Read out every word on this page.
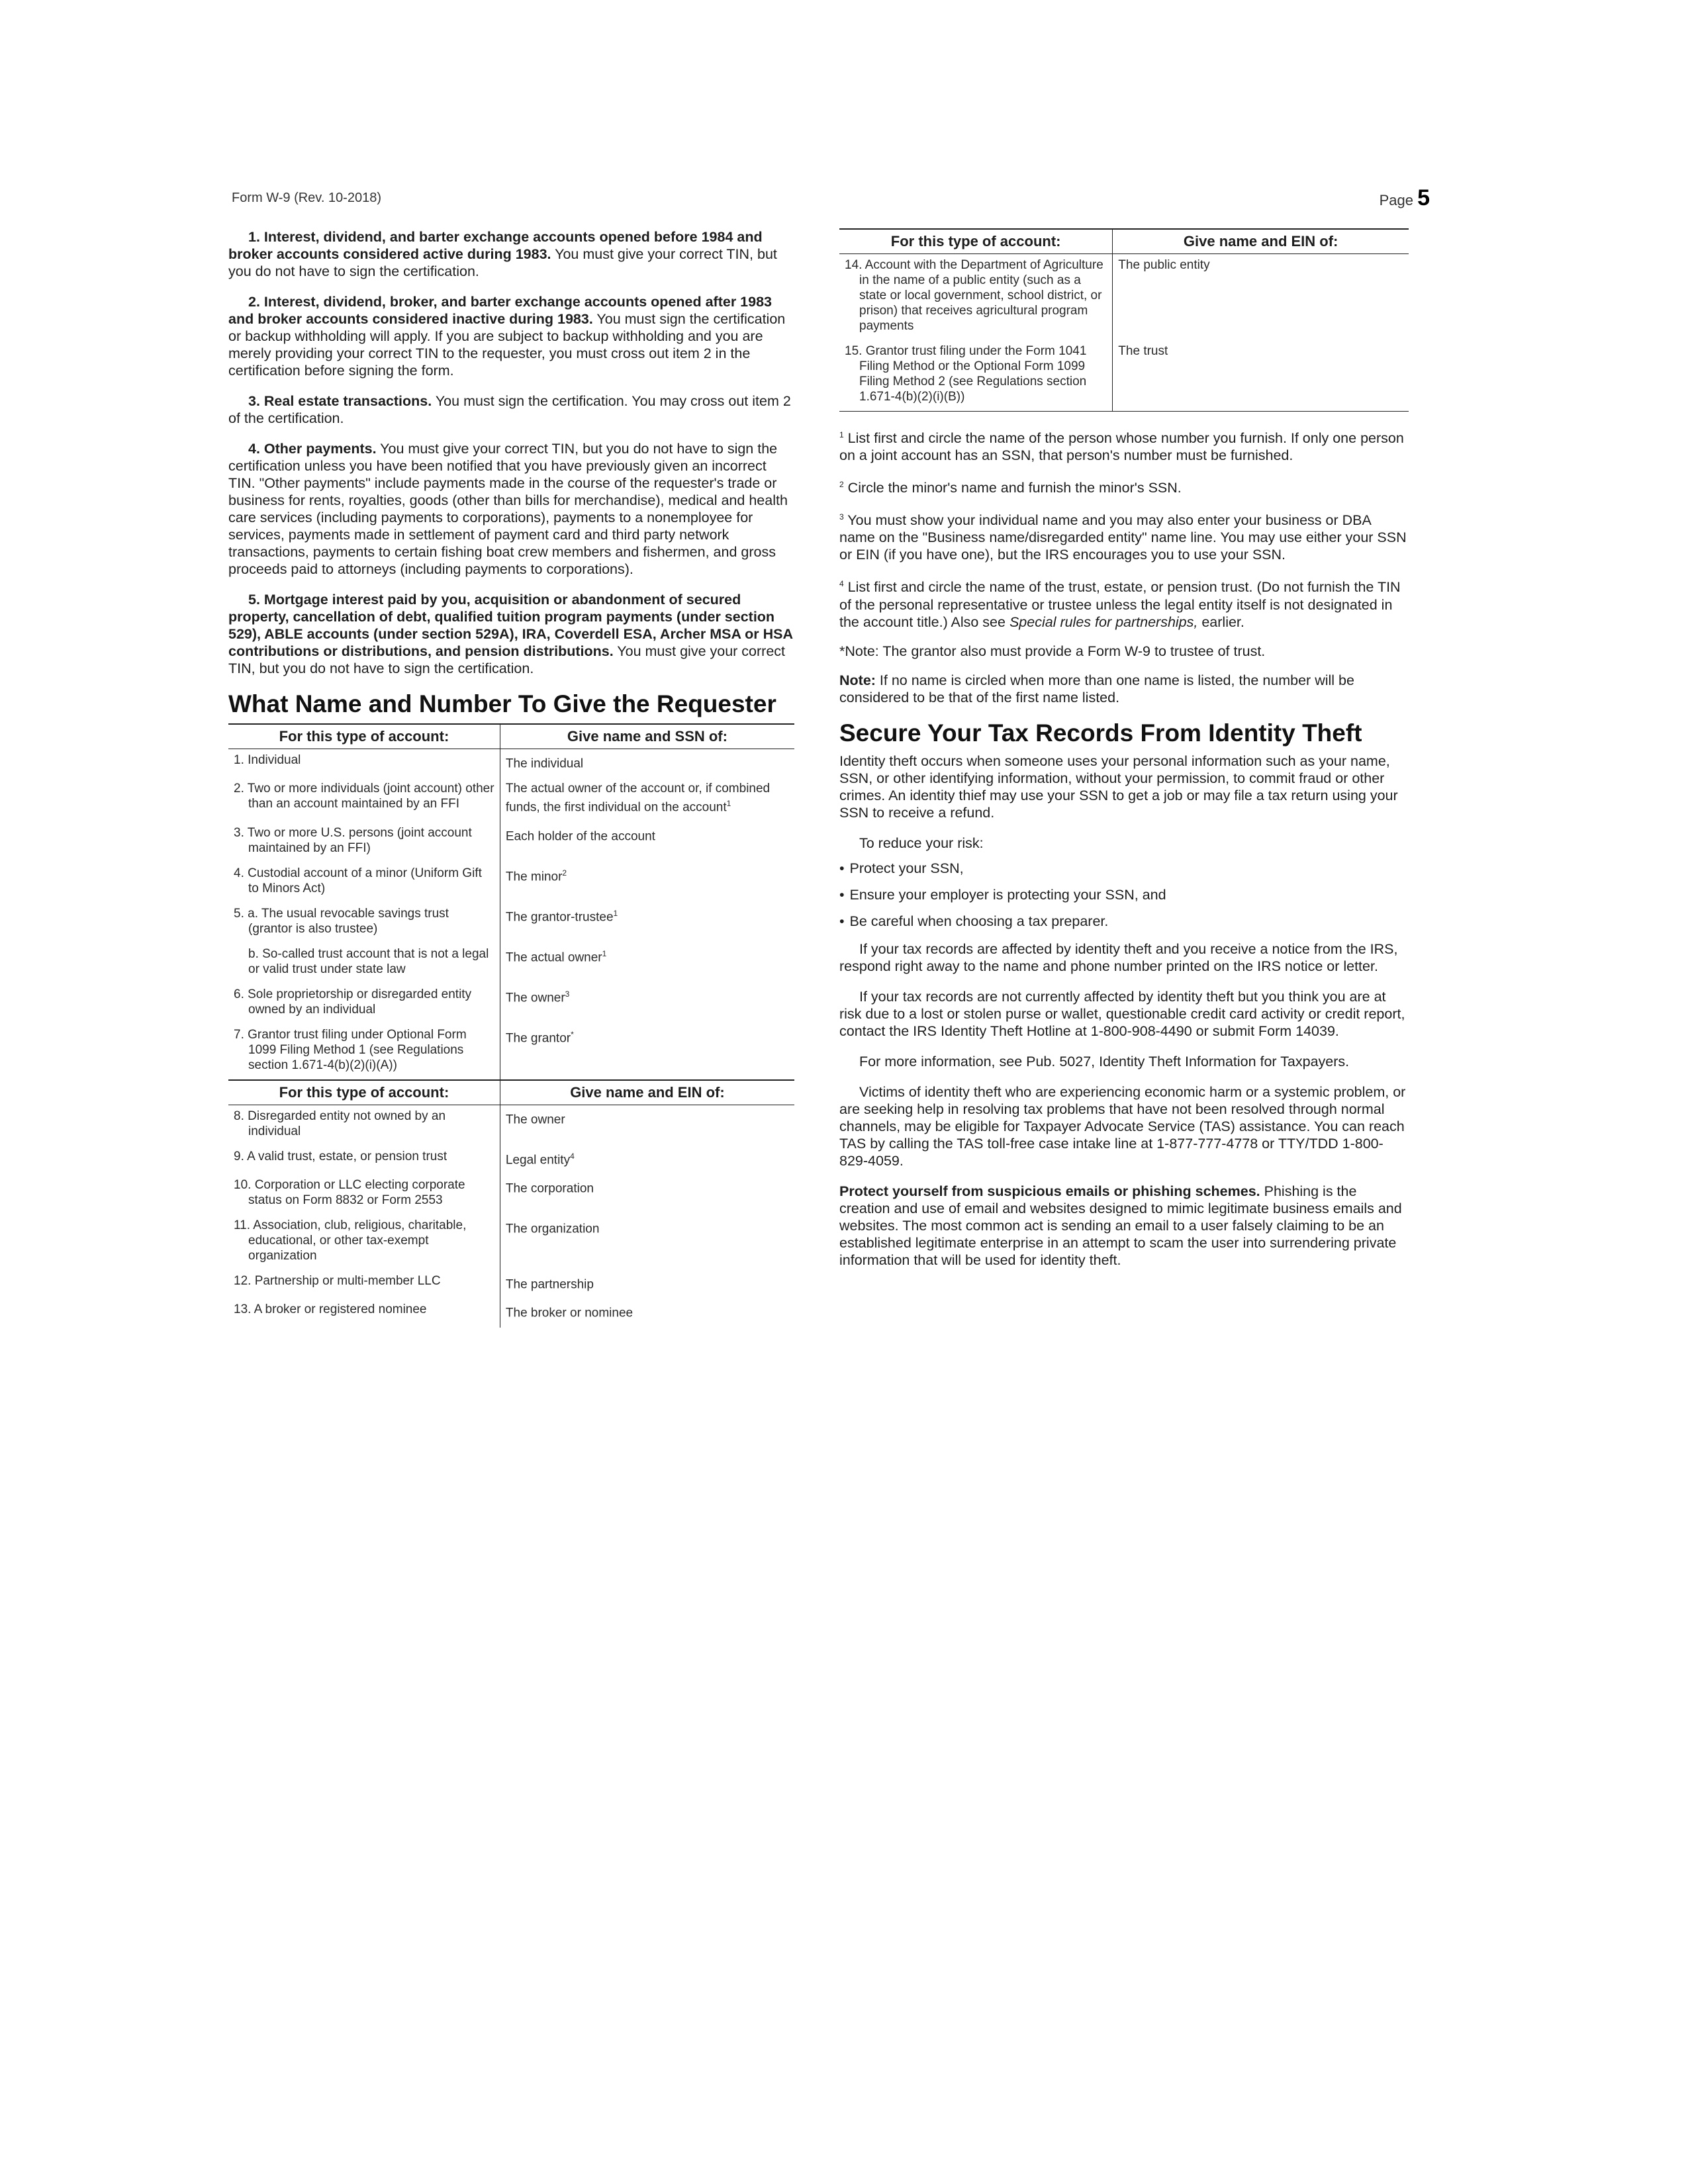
Form W-9 (Rev. 10-2018)	Page 5

1. Interest, dividend, and barter exchange accounts opened before 1984 and broker accounts considered active during 1983. You must give your correct TIN, but you do not have to sign the certification.

2. Interest, dividend, broker, and barter exchange accounts opened after 1983 and broker accounts considered inactive during 1983. You must sign the certification or backup withholding will apply. If you are subject to backup withholding and you are merely providing your correct TIN to the requester, you must cross out item 2 in the certification before signing the form.

3. Real estate transactions. You must sign the certification. You may cross out item 2 of the certification.

4. Other payments. You must give your correct TIN, but you do not have to sign the certification unless you have been notified that you have previously given an incorrect TIN. "Other payments" include payments made in the course of the requester's trade or business for rents, royalties, goods (other than bills for merchandise), medical and health care services (including payments to corporations), payments to a nonemployee for services, payments made in settlement of payment card and third party network transactions, payments to certain fishing boat crew members and fishermen, and gross proceeds paid to attorneys (including payments to corporations).

5. Mortgage interest paid by you, acquisition or abandonment of secured property, cancellation of debt, qualified tuition program payments (under section 529), ABLE accounts (under section 529A), IRA, Coverdell ESA, Archer MSA or HSA contributions or distributions, and pension distributions. You must give your correct TIN, but you do not have to sign the certification.

What Name and Number To Give the Requester
For this type of account:	Give name and SSN of:
1. Individual	The individual
2. Two or more individuals (joint account) other than an account maintained by an FFI	The actual owner of the account or, if combined funds, the first individual on the account$^1$
3. Two or more U.S. persons (joint account maintained by an FFI)	Each holder of the account
4. Custodial account of a minor (Uniform Gift to Minors Act)	The minor$^2$
5. a. The usual revocable savings trust (grantor is also trustee)	The grantor-trustee$^1$
b. So-called trust account that is not a legal or valid trust under state law	The actual owner$^1$
6. Sole proprietorship or disregarded entity owned by an individual	The owner$^3$
7. Grantor trust filing under Optional Form 1099 Filing Method 1 (see Regulations section 1.671-4(b)(2)(i)(A))	The grantor*
For this type of account:	Give name and EIN of:
8. Disregarded entity not owned by an individual	The owner
9. A valid trust, estate, or pension trust	Legal entity$^4$
10. Corporation or LLC electing corporate status on Form 8832 or Form 2553	The corporation
11. Association, club, religious, charitable, educational, or other tax-exempt organization	The organization
12. Partnership or multi-member LLC	The partnership
13. A broker or registered nominee	The broker or nominee
For this type of account:	Give name and EIN of:
14. Account with the Department of Agriculture in the name of a public entity (such as a state or local government, school district, or prison) that receives agricultural program payments	The public entity
15. Grantor trust filing under the Form 1041 Filing Method or the Optional Form 1099 Filing Method 2 (see Regulations section 1.671-4(b)(2)(i)(B))	The trust

$^1$ List first and circle the name of the person whose number you furnish. If only one person on a joint account has an SSN, that person's number must be furnished.

$^2$ Circle the minor's name and furnish the minor's SSN.

$^3$ You must show your individual name and you may also enter your business or DBA name on the "Business name/disregarded entity" name line. You may use either your SSN or EIN (if you have one), but the IRS encourages you to use your SSN.

$^4$ List first and circle the name of the trust, estate, or pension trust. (Do not furnish the TIN of the personal representative or trustee unless the legal entity itself is not designated in the account title.) Also see Special rules for partnerships, earlier.

*Note: The grantor also must provide a Form W-9 to trustee of trust.

Note: If no name is circled when more than one name is listed, the number will be considered to be that of the first name listed.

Secure Your Tax Records From Identity Theft

Identity theft occurs when someone uses your personal information such as your name, SSN, or other identifying information, without your permission, to commit fraud or other crimes. An identity thief may use your SSN to get a job or may file a tax return using your SSN to receive a refund.

To reduce your risk:

• Protect your SSN,
• Ensure your employer is protecting your SSN, and
• Be careful when choosing a tax preparer.

If your tax records are affected by identity theft and you receive a notice from the IRS, respond right away to the name and phone number printed on the IRS notice or letter.

If your tax records are not currently affected by identity theft but you think you are at risk due to a lost or stolen purse or wallet, questionable credit card activity or credit report, contact the IRS Identity Theft Hotline at 1-800-908-4490 or submit Form 14039.

For more information, see Pub. 5027, Identity Theft Information for Taxpayers.

Victims of identity theft who are experiencing economic harm or a systemic problem, or are seeking help in resolving tax problems that have not been resolved through normal channels, may be eligible for Taxpayer Advocate Service (TAS) assistance. You can reach TAS by calling the TAS toll-free case intake line at 1-877-777-4778 or TTY/TDD 1-800-829-4059.

Protect yourself from suspicious emails or phishing schemes. Phishing is the creation and use of email and websites designed to mimic legitimate business emails and websites. The most common act is sending an email to a user falsely claiming to be an established legitimate enterprise in an attempt to scam the user into surrendering private information that will be used for identity theft.
